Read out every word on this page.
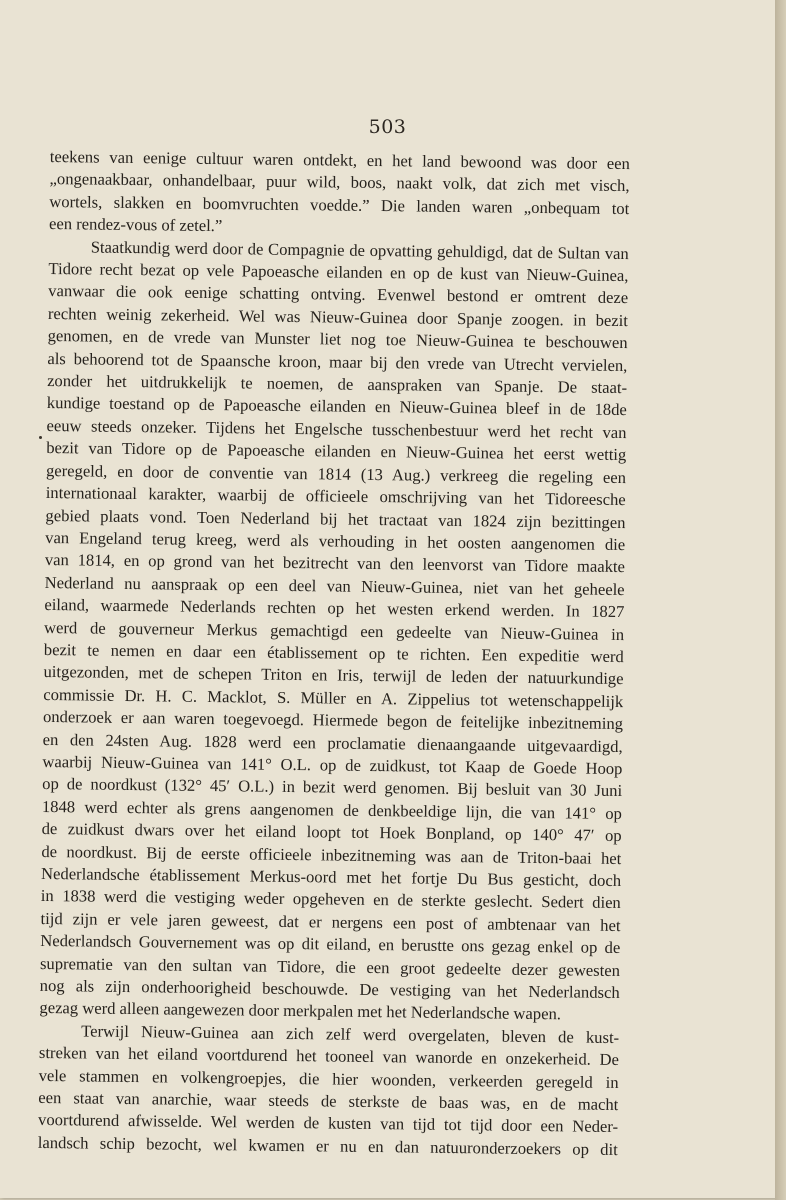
503

teekens van eenige cultuur waren ontdekt, en het land bewoond was door een
„ongenaakbaar, onhandelbaar, puur wild, boos, naakt volk, dat zich met visch,
wortels, slakken en boomvruchten voedde.” Die landen waren „onbequam tot
een rendez-vous of zetel.”

Staatkundig werd door de Compagnie de opvatting gehuldigd, dat de Sultan van
Tidore recht bezat op vele Papoeasche eilanden en op de kust van Nieuw-Guinea,
vanwaar die ook eenige schatting ontving. Evenwel bestond er omtrent deze
rechten weinig zekerheid. Wel was Nieuw-Guinea door Spanje zoogen. in bezit
genomen, en de vrede van Munster liet nog toe Nieuw-Guinea te beschouwen
als behoorend tot de Spaansche kroon, maar bij den vrede van Utrecht vervielen,
zonder het uitdrukkelijk te noemen, de aanspraken van Spanje. De staat-
kundige toestand op de Papoeasche eilanden en Nieuw-Guinea bleef in de 18de
eeuw steeds onzeker. Tijdens het Engelsche tusschenbestuur werd het recht van
bezit van Tidore op de Papoeasche eilanden en Nieuw-Guinea het eerst wettig
geregeld, en door de conventie van 1814 (13 Aug.) verkreeg die regeling een
internationaal karakter, waarbij de officieele omschrijving van het Tidoreesche
gebied plaats vond. Toen Nederland bij het tractaat van 1824 zijn bezittingen
van Engeland terug kreeg, werd als verhouding in het oosten aangenomen die
van 1814, en op grond van het bezitrecht van den leenvorst van Tidore maakte
Nederland nu aanspraak op een deel van Nieuw-Guinea, niet van het geheele
eiland, waarmede Nederlands rechten op het westen erkend werden. In 1827
werd de gouverneur Merkus gemachtigd een gedeelte van Nieuw-Guinea in
bezit te nemen en daar een établissement op te richten. Een expeditie werd
uitgezonden, met de schepen Triton en Iris, terwijl de leden der natuurkundige
commissie Dr. H. C. Macklot, S. Müller en A. Zippelius tot wetenschappelijk
onderzoek er aan waren toegevoegd. Hiermede begon de feitelijke inbezitneming
en den 24sten Aug. 1828 werd een proclamatie dienaangaande uitgevaardigd,
waarbij Nieuw-Guinea van 141° O.L. op de zuidkust, tot Kaap de Goede Hoop
op de noordkust (132° 45′ O.L.) in bezit werd genomen. Bij besluit van 30 Juni
1848 werd echter als grens aangenomen de denkbeeldige lijn, die van 141° op
de zuidkust dwars over het eiland loopt tot Hoek Bonpland, op 140° 47′ op
de noordkust. Bij de eerste officieele inbezitneming was aan de Triton-baai het
Nederlandsche établissement Merkus-oord met het fortje Du Bus gesticht, doch
in 1838 werd die vestiging weder opgeheven en de sterkte geslecht. Sedert dien
tijd zijn er vele jaren geweest, dat er nergens een post of ambtenaar van het
Nederlandsch Gouvernement was op dit eiland, en berustte ons gezag enkel op de
suprematie van den sultan van Tidore, die een groot gedeelte dezer gewesten
nog als zijn onderhoorigheid beschouwde. De vestiging van het Nederlandsch
gezag werd alleen aangewezen door merkpalen met het Nederlandsche wapen.

Terwijl Nieuw-Guinea aan zich zelf werd overgelaten, bleven de kust-
streken van het eiland voortdurend het tooneel van wanorde en onzekerheid. De
vele stammen en volkengroepjes, die hier woonden, verkeerden geregeld in
een staat van anarchie, waar steeds de sterkste de baas was, en de macht
voortdurend afwisselde. Wel werden de kusten van tijd tot tijd door een Neder-
landsch schip bezocht, wel kwamen er nu en dan natuuronderzoekers op dit
